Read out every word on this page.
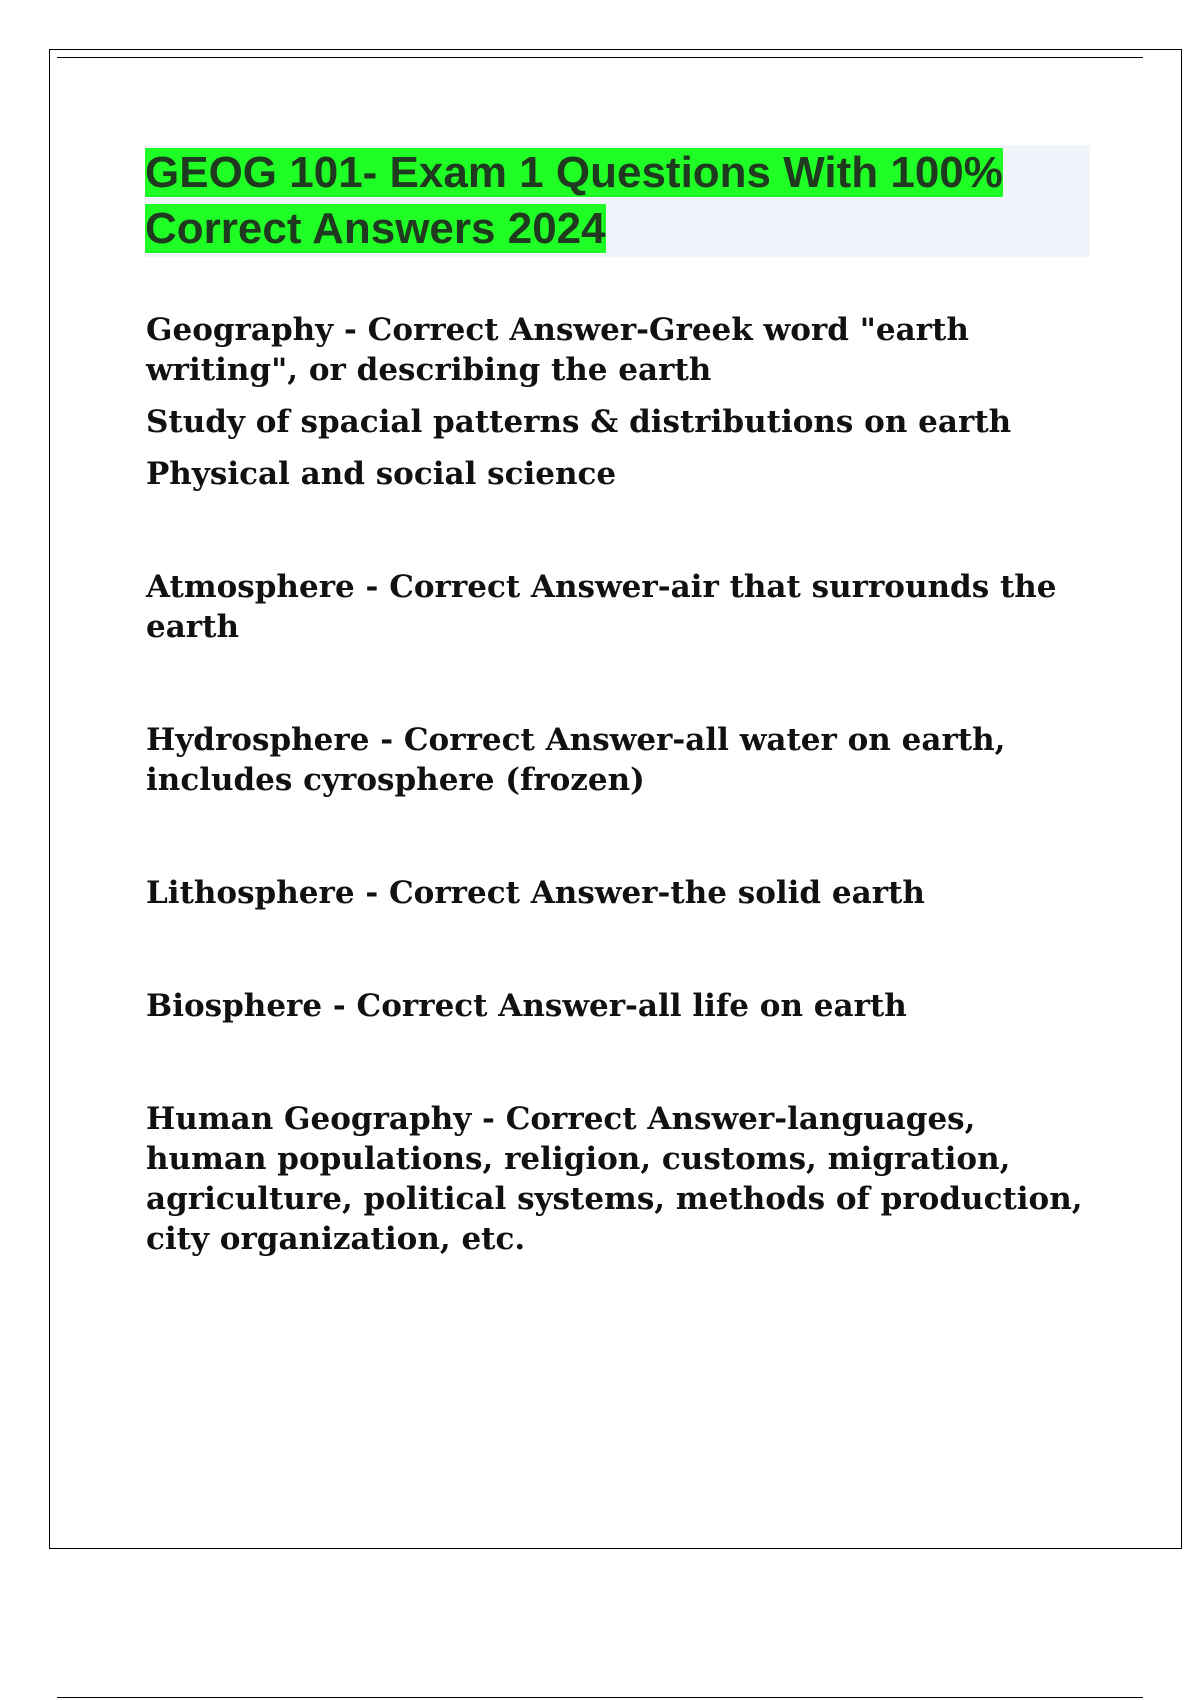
GEOG 101- Exam 1 Questions With 100% Correct Answers 2024

Geography - Correct Answer-Greek word "earth writing", or describing the earth

Study of spacial patterns & distributions on earth

Physical and social science

Atmosphere - Correct Answer-air that surrounds the earth

Hydrosphere - Correct Answer-all water on earth, includes cyrosphere (frozen)

Lithosphere - Correct Answer-the solid earth

Biosphere - Correct Answer-all life on earth

Human Geography - Correct Answer-languages, human populations, religion, customs, migration, agriculture, political systems, methods of production, city organization, etc.
